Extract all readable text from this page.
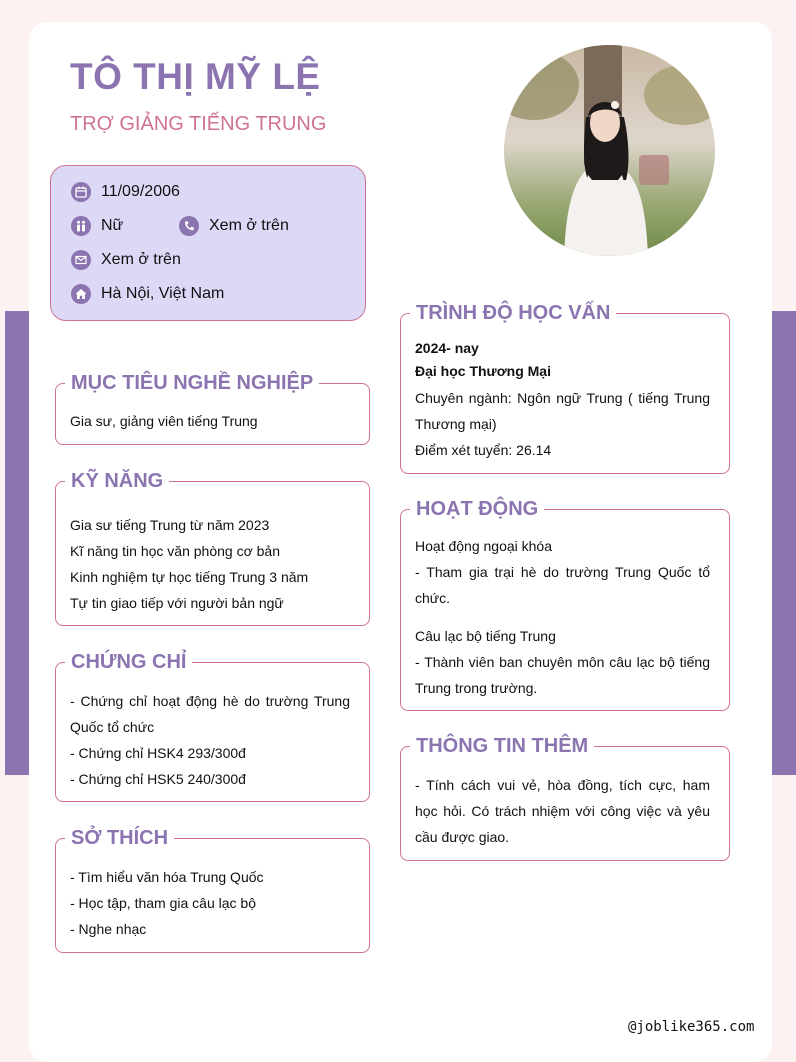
TÔ THỊ MỸ LỆ
TRỢ GIẢNG TIẾNG TRUNG
11/09/2006
Nữ	Xem ở trên
Xem ở trên
Hà Nội, Việt Nam
MỤC TIÊU NGHỀ NGHIỆP
Gia sư, giảng viên tiếng Trung
KỸ NĂNG
Gia sư tiếng Trung từ năm 2023
Kĩ năng tin học văn phòng cơ bản
Kinh nghiệm tự học tiếng Trung 3 năm
Tự tin giao tiếp với người bản ngữ
CHỨNG CHỈ
- Chứng chỉ hoạt động hè do trường Trung Quốc tổ chức
- Chứng chỉ HSK4 293/300đ
- Chứng chỉ HSK5 240/300đ
SỞ THÍCH
- Tìm hiểu văn hóa Trung Quốc
- Học tập, tham gia câu lạc bộ
- Nghe nhạc
TRÌNH ĐỘ HỌC VẤN
2024- nay
Đại học Thương Mại
Chuyên ngành: Ngôn ngữ Trung ( tiếng Trung Thương mại)
Điểm xét tuyển: 26.14
HOẠT ĐỘNG
Hoạt động ngoại khóa
- Tham gia trại hè do trường Trung Quốc tổ chức.
Câu lạc bộ tiếng Trung
- Thành viên ban chuyên môn câu lạc bộ tiếng Trung trong trường.
THÔNG TIN THÊM
- Tính cách vui vẻ, hòa đồng, tích cực, ham học hỏi. Có trách nhiệm với công việc và yêu cầu được giao.
@joblike365.com
